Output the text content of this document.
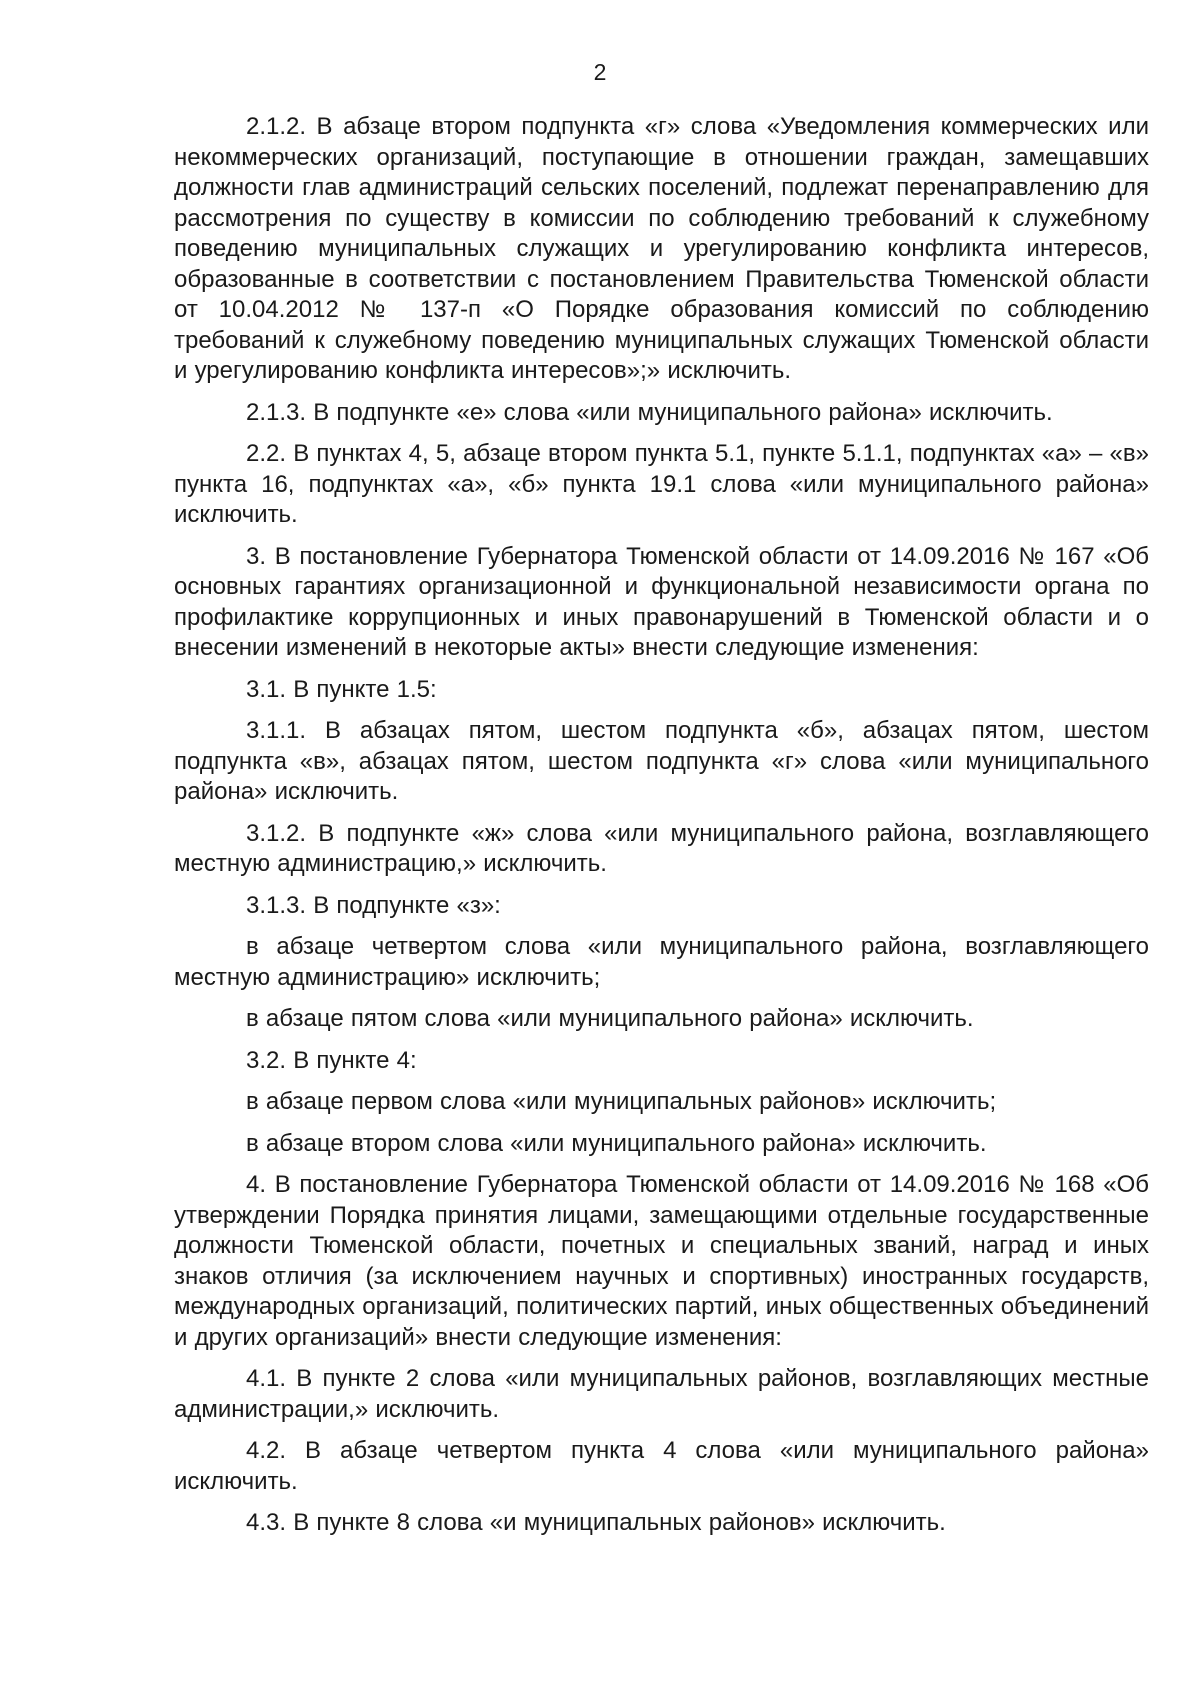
2

2.1.2. В абзаце втором подпункта «г» слова «Уведомления коммерческих или некоммерческих организаций, поступающие в отношении граждан, замещавших должности глав администраций сельских поселений, подлежат перенаправлению для рассмотрения по существу в комиссии по соблюдению требований к служебному поведению муниципальных служащих и урегулированию конфликта интересов, образованные в соответствии с постановлением Правительства Тюменской области от 10.04.2012 № 137-п «О Порядке образования комиссий по соблюдению требований к служебному поведению муниципальных служащих Тюменской области и урегулированию конфликта интересов»;» исключить.

2.1.3. В подпункте «е» слова «или муниципального района» исключить.

2.2. В пунктах 4, 5, абзаце втором пункта 5.1, пункте 5.1.1, подпунктах «а» – «в» пункта 16, подпунктах «а», «б» пункта 19.1 слова «или муниципального района» исключить.

3. В постановление Губернатора Тюменской области от 14.09.2016 № 167 «Об основных гарантиях организационной и функциональной независимости органа по профилактике коррупционных и иных правонарушений в Тюменской области и о внесении изменений в некоторые акты» внести следующие изменения:

3.1. В пункте 1.5:

3.1.1. В абзацах пятом, шестом подпункта «б», абзацах пятом, шестом подпункта «в», абзацах пятом, шестом подпункта «г» слова «или муниципального района» исключить.

3.1.2. В подпункте «ж» слова «или муниципального района, возглавляющего местную администрацию,» исключить.

3.1.3. В подпункте «з»:

в абзаце четвертом слова «или муниципального района, возглавляющего местную администрацию» исключить;

в абзаце пятом слова «или муниципального района» исключить.

3.2. В пункте 4:

в абзаце первом слова «или муниципальных районов» исключить;

в абзаце втором слова «или муниципального района» исключить.

4. В постановление Губернатора Тюменской области от 14.09.2016 № 168 «Об утверждении Порядка принятия лицами, замещающими отдельные государственные должности Тюменской области, почетных и специальных званий, наград и иных знаков отличия (за исключением научных и спортивных) иностранных государств, международных организаций, политических партий, иных общественных объединений и других организаций» внести следующие изменения:

4.1. В пункте 2 слова «или муниципальных районов, возглавляющих местные администрации,» исключить.

4.2. В абзаце четвертом пункта 4 слова «или муниципального района» исключить.

4.3. В пункте 8 слова «и муниципальных районов» исключить.
